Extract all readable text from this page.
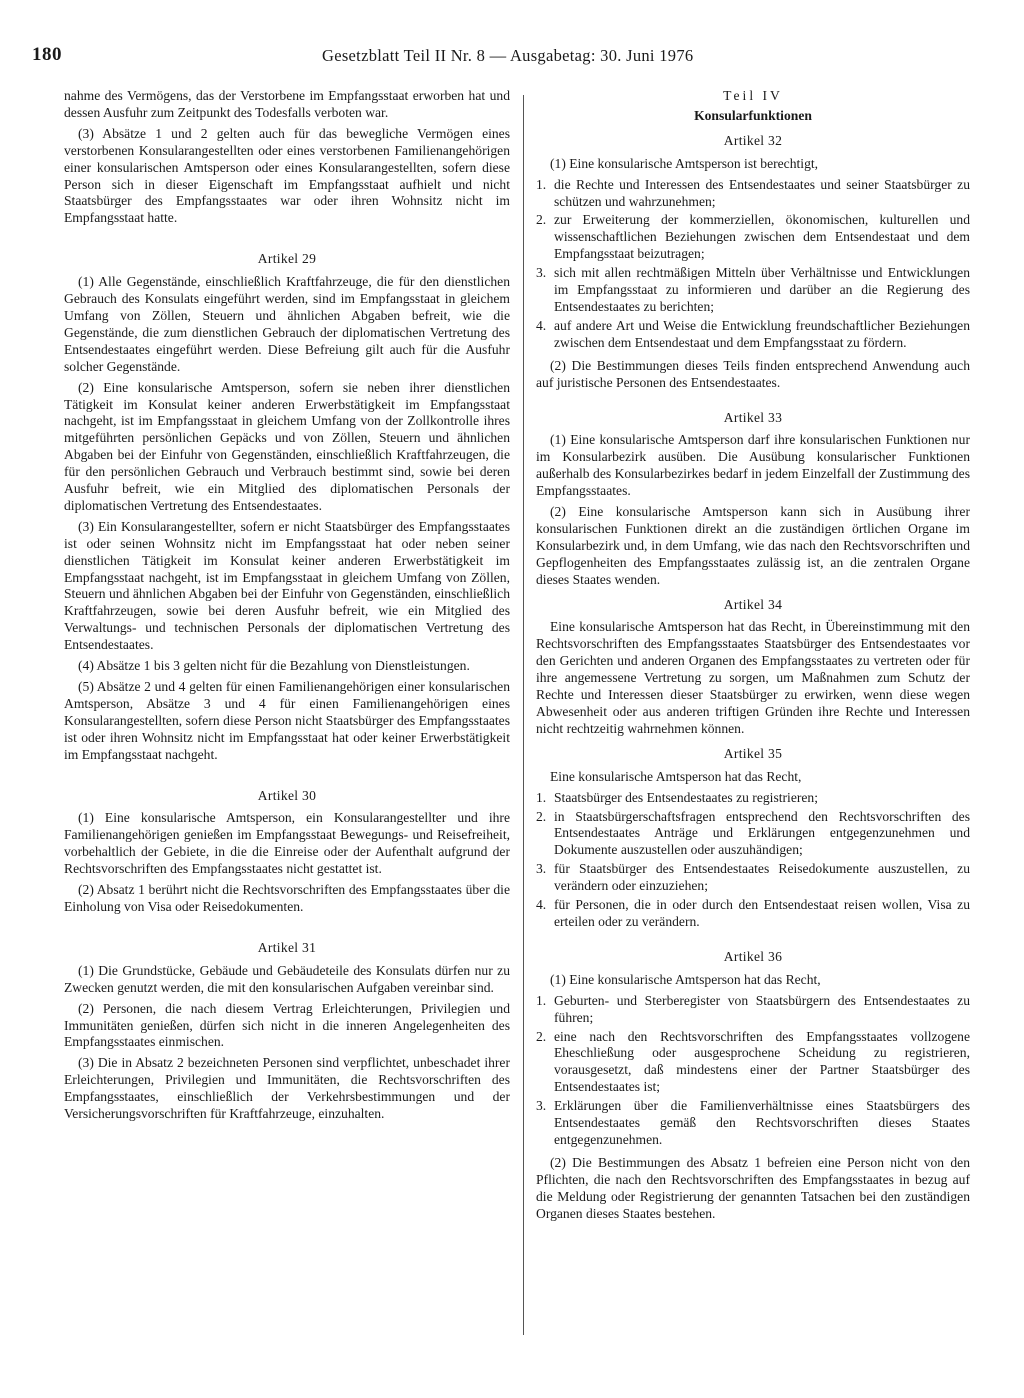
180	Gesetzblatt Teil II Nr. 8 — Ausgabetag: 30. Juni 1976

nahme des Vermögens, das der Verstorbene im Empfangsstaat erworben hat und dessen Ausfuhr zum Zeitpunkt des Todesfalls verboten war.

(3) Absätze 1 und 2 gelten auch für das bewegliche Vermögen eines verstorbenen Konsularangestellten oder eines verstorbenen Familienangehörigen einer konsularischen Amtsperson oder eines Konsularangestellten, sofern diese Person sich in dieser Eigenschaft im Empfangsstaat aufhielt und nicht Staatsbürger des Empfangsstaates war oder ihren Wohnsitz nicht im Empfangsstaat hatte.

Artikel 29

(1) Alle Gegenstände, einschließlich Kraftfahrzeuge, die für den dienstlichen Gebrauch des Konsulats eingeführt werden, sind im Empfangsstaat in gleichem Umfang von Zöllen, Steuern und ähnlichen Abgaben befreit, wie die Gegenstände, die zum dienstlichen Gebrauch der diplomatischen Vertretung des Entsendestaates eingeführt werden. Diese Befreiung gilt auch für die Ausfuhr solcher Gegenstände.

(2) Eine konsularische Amtsperson, sofern sie neben ihrer dienstlichen Tätigkeit im Konsulat keiner anderen Erwerbstätigkeit im Empfangsstaat nachgeht, ist im Empfangsstaat in gleichem Umfang von der Zollkontrolle ihres mitgeführten persönlichen Gepäcks und von Zöllen, Steuern und ähnlichen Abgaben bei der Einfuhr von Gegenständen, einschließlich Kraftfahrzeugen, die für den persönlichen Gebrauch und Verbrauch bestimmt sind, sowie bei deren Ausfuhr befreit, wie ein Mitglied des diplomatischen Personals der diplomatischen Vertretung des Entsendestaates.

(3) Ein Konsularangestellter, sofern er nicht Staatsbürger des Empfangsstaates ist oder seinen Wohnsitz nicht im Empfangsstaat hat oder neben seiner dienstlichen Tätigkeit im Konsulat keiner anderen Erwerbstätigkeit im Empfangsstaat nachgeht, ist im Empfangsstaat in gleichem Umfang von Zöllen, Steuern und ähnlichen Abgaben bei der Einfuhr von Gegenständen, einschließlich Kraftfahrzeugen, sowie bei deren Ausfuhr befreit, wie ein Mitglied des Verwaltungs- und technischen Personals der diplomatischen Vertretung des Entsendestaates.

(4) Absätze 1 bis 3 gelten nicht für die Bezahlung von Dienstleistungen.

(5) Absätze 2 und 4 gelten für einen Familienangehörigen einer konsularischen Amtsperson, Absätze 3 und 4 für einen Familienangehörigen eines Konsularangestellten, sofern diese Person nicht Staatsbürger des Empfangsstaates ist oder ihren Wohnsitz nicht im Empfangsstaat hat oder keiner Erwerbstätigkeit im Empfangsstaat nachgeht.

Artikel 30

(1) Eine konsularische Amtsperson, ein Konsularangestellter und ihre Familienangehörigen genießen im Empfangsstaat Bewegungs- und Reisefreiheit, vorbehaltlich der Gebiete, in die die Einreise oder der Aufenthalt aufgrund der Rechtsvorschriften des Empfangsstaates nicht gestattet ist.

(2) Absatz 1 berührt nicht die Rechtsvorschriften des Empfangsstaates über die Einholung von Visa oder Reisedokumenten.

Artikel 31

(1) Die Grundstücke, Gebäude und Gebäudeteile des Konsulats dürfen nur zu Zwecken genutzt werden, die mit den konsularischen Aufgaben vereinbar sind.

(2) Personen, die nach diesem Vertrag Erleichterungen, Privilegien und Immunitäten genießen, dürfen sich nicht in die inneren Angelegenheiten des Empfangsstaates einmischen.

(3) Die in Absatz 2 bezeichneten Personen sind verpflichtet, unbeschadet ihrer Erleichterungen, Privilegien und Immunitäten, die Rechtsvorschriften des Empfangsstaates, einschließlich der Verkehrsbestimmungen und der Versicherungsvorschriften für Kraftfahrzeuge, einzuhalten.

Teil IV
Konsularfunktionen
Artikel 32

(1) Eine konsularische Amtsperson ist berechtigt,

1. die Rechte und Interessen des Entsendestaates und seiner Staatsbürger zu schützen und wahrzunehmen;
2. zur Erweiterung der kommerziellen, ökonomischen, kulturellen und wissenschaftlichen Beziehungen zwischen dem Entsendestaat und dem Empfangsstaat beizutragen;
3. sich mit allen rechtmäßigen Mitteln über Verhältnisse und Entwicklungen im Empfangsstaat zu informieren und darüber an die Regierung des Entsendestaates zu berichten;
4. auf andere Art und Weise die Entwicklung freundschaftlicher Beziehungen zwischen dem Entsendestaat und dem Empfangsstaat zu fördern.

(2) Die Bestimmungen dieses Teils finden entsprechend Anwendung auch auf juristische Personen des Entsendestaates.

Artikel 33

(1) Eine konsularische Amtsperson darf ihre konsularischen Funktionen nur im Konsularbezirk ausüben. Die Ausübung konsularischer Funktionen außerhalb des Konsularbezirkes bedarf in jedem Einzelfall der Zustimmung des Empfangsstaates.

(2) Eine konsularische Amtsperson kann sich in Ausübung ihrer konsularischen Funktionen direkt an die zuständigen örtlichen Organe im Konsularbezirk und, in dem Umfang, wie das nach den Rechtsvorschriften und Gepflogenheiten des Empfangsstaates zulässig ist, an die zentralen Organe dieses Staates wenden.

Artikel 34

Eine konsularische Amtsperson hat das Recht, in Übereinstimmung mit den Rechtsvorschriften des Empfangsstaates Staatsbürger des Entsendestaates vor den Gerichten und anderen Organen des Empfangsstaates zu vertreten oder für ihre angemessene Vertretung zu sorgen, um Maßnahmen zum Schutz der Rechte und Interessen dieser Staatsbürger zu erwirken, wenn diese wegen Abwesenheit oder aus anderen triftigen Gründen ihre Rechte und Interessen nicht rechtzeitig wahrnehmen können.

Artikel 35

Eine konsularische Amtsperson hat das Recht,

1. Staatsbürger des Entsendestaates zu registrieren;
2. in Staatsbürgerschaftsfragen entsprechend den Rechtsvorschriften des Entsendestaates Anträge und Erklärungen entgegenzunehmen und Dokumente auszustellen oder auszuhändigen;
3. für Staatsbürger des Entsendestaates Reisedokumente auszustellen, zu verändern oder einzuziehen;
4. für Personen, die in oder durch den Entsendestaat reisen wollen, Visa zu erteilen oder zu verändern.
Artikel 36

(1) Eine konsularische Amtsperson hat das Recht,

1. Geburten- und Sterberegister von Staatsbürgern des Entsendestaates zu führen;
2. eine nach den Rechtsvorschriften des Empfangsstaates vollzogene Eheschließung oder ausgesprochene Scheidung zu registrieren, vorausgesetzt, daß mindestens einer der Partner Staatsbürger des Entsendestaates ist;
3. Erklärungen über die Familienverhältnisse eines Staatsbürgers des Entsendestaates gemäß den Rechtsvorschriften dieses Staates entgegenzunehmen.

(2) Die Bestimmungen des Absatz 1 befreien eine Person nicht von den Pflichten, die nach den Rechtsvorschriften des Empfangsstaates in bezug auf die Meldung oder Registrierung der genannten Tatsachen bei den zuständigen Organen dieses Staates bestehen.
